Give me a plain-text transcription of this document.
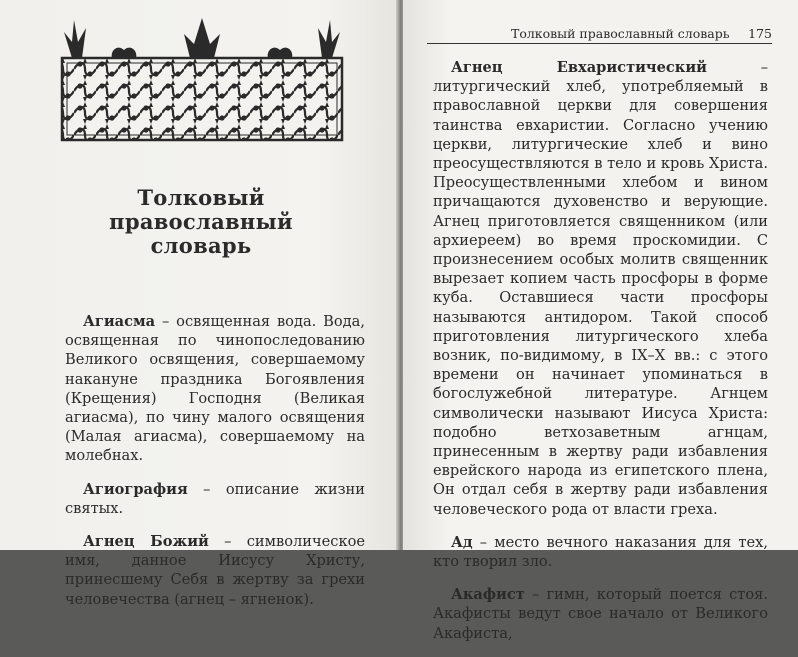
Толковый
православный
словарь

Агиасма – освященная вода. Вода, освященная по чинопоследованию Великого освящения, совершаемому накануне праздника Богоявления (Крещения) Господня (Великая агиасма), по чину малого освящения (Малая агиасма), совершаемому на молебнах.

Агиография – описание жизни святых.

Агнец Божий – символическое имя, данное Иисусу Христу, принесшему Себя в жертву за грехи человечества (агнец – ягненок).

Толковый православный словарь 175

Агнец Евхаристический – литургический хлеб, употребляемый в православной церкви для совершения таинства евхаристии. Согласно учению церкви, литургические хлеб и вино преосуществляются в тело и кровь Христа. Преосуществленными хлебом и вином причащаются духовенство и верующие. Агнец приготовляется священником (или архиереем) во время проскомидии. С произнесением особых молитв священник вырезает копием часть просфоры в форме куба. Оставшиеся части просфоры называются антидором. Такой способ приготовления литургического хлеба возник, по-видимому, в IX–X вв.: с этого времени он начинает упоминаться в богослужебной литературе. Агнцем символически называют Иисуса Христа: подобно ветхозаветным агнцам, принесенным в жертву ради избавления еврейского народа из египетского плена, Он отдал себя в жертву ради избавления человеческого рода от власти греха.

Ад – место вечного наказания для тех, кто творил зло.

Акафист – гимн, который поется стоя. Акафисты ведут свое начало от Великого Акафиста,
